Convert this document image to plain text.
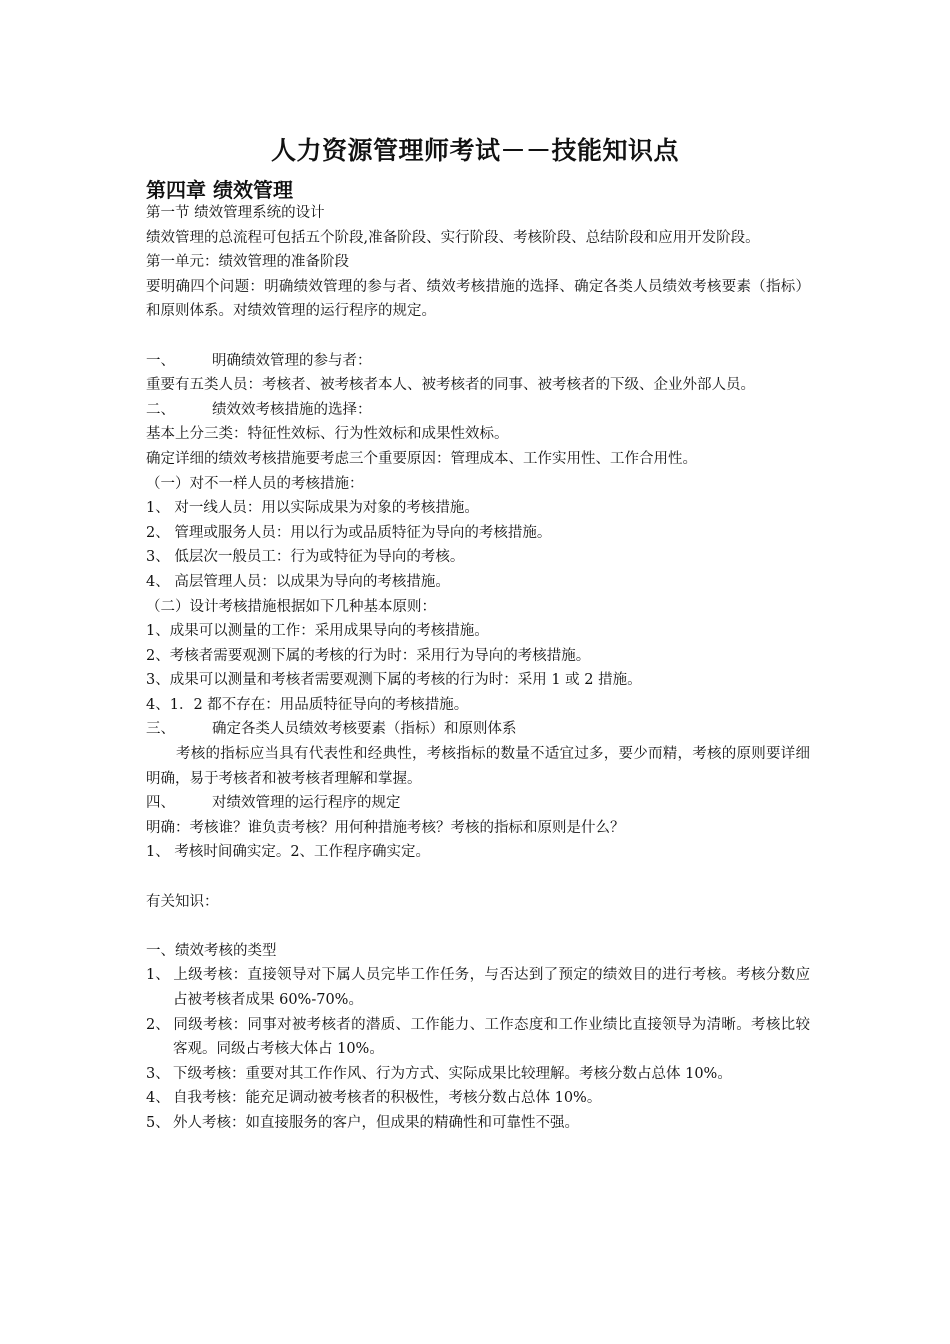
人力资源管理师考试－－技能知识点
第四章 绩效管理

第一节 绩效管理系统的设计

绩效管理的总流程可包括五个阶段,准备阶段、实行阶段、考核阶段、总结阶段和应用开发阶段。

第一单元：绩效管理的准备阶段

要明确四个问题：明确绩效管理的参与者、绩效考核措施的选择、确定各类人员绩效考核要素（指标）和原则体系。对绩效管理的运行程序的规定。

一、	明确绩效管理的参与者：

重要有五类人员：考核者、被考核者本人、被考核者的同事、被考核者的下级、企业外部人员。

二、	绩效效考核措施的选择：

基本上分三类：特征性效标、行为性效标和成果性效标。

确定详细的绩效考核措施要考虑三个重要原因：管理成本、工作实用性、工作合用性。

（一）对不一样人员的考核措施：

1、 对一线人员：用以实际成果为对象的考核措施。

2、 管理或服务人员：用以行为或品质特征为导向的考核措施。

3、 低层次一般员工：行为或特征为导向的考核。

4、 高层管理人员：以成果为导向的考核措施。

（二）设计考核措施根据如下几种基本原则：

1、成果可以测量的工作：采用成果导向的考核措施。

2、考核者需要观测下属的考核的行为时：采用行为导向的考核措施。

3、成果可以测量和考核者需要观测下属的考核的行为时：采用 1 或 2 措施。

4、1．2 都不存在：用品质特征导向的考核措施。

三、	确定各类人员绩效考核要素（指标）和原则体系

考核的指标应当具有代表性和经典性，考核指标的数量不适宜过多，要少而精，考核的原则要详细明确，易于考核者和被考核者理解和掌握。

四、	对绩效管理的运行程序的规定

明确：考核谁？谁负责考核？用何种措施考核？考核的指标和原则是什么？

1、 考核时间确实定。2、工作程序确实定。

有关知识：

一、绩效考核的类型

1、 上级考核：直接领导对下属人员完毕工作任务，与否达到了预定的绩效目的进行考核。考核分数应占被考核者成果 60%-70%。

2、 同级考核：同事对被考核者的潜质、工作能力、工作态度和工作业绩比直接领导为清晰。考核比较客观。同级占考核大体占 10%。

3、 下级考核：重要对其工作作风、行为方式、实际成果比较理解。考核分数占总体 10%。

4、 自我考核：能充足调动被考核者的积极性，考核分数占总体 10%。

5、 外人考核：如直接服务的客户，但成果的精确性和可靠性不强。
